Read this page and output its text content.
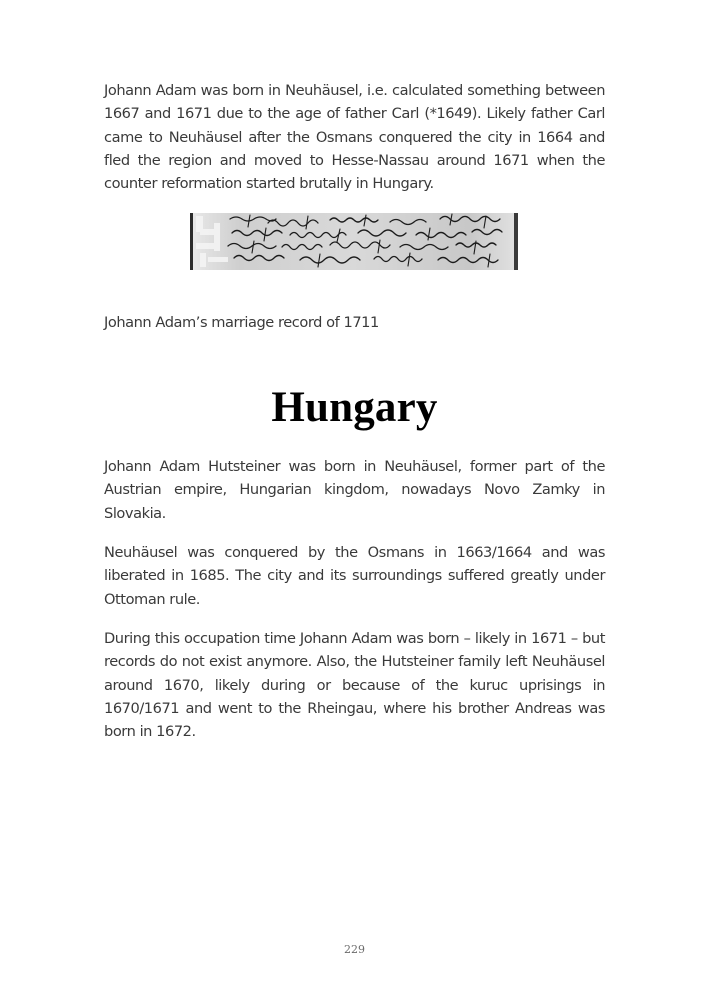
Johann Adam was born in Neuhäusel, i.e. calculated something between 1667 and 1671 due to the age of father Carl (*1649). Likely father Carl came to Neuhäusel after the Osmans conquered the city in 1664 and fled the region and moved to Hesse-Nassau around 1671 when the counter reformation started brutally in Hungary.

Johann Adam’s marriage record of 1711

Hungary

Johann Adam Hutsteiner was born in Neuhäusel, former part of the Austrian empire, Hungarian kingdom, nowadays Novo Zamky in Slovakia.

Neuhäusel was conquered by the Osmans in 1663/1664 and was liberated in 1685. The city and its surroundings suffered greatly under Ottoman rule.

During this occupation time Johann Adam was born – likely in 1671 – but records do not exist anymore. Also, the Hutsteiner family left Neuhäusel around 1670, likely during or because of the kuruc uprisings in 1670/1671 and went to the Rheingau, where his brother Andreas was born in 1672.

229
